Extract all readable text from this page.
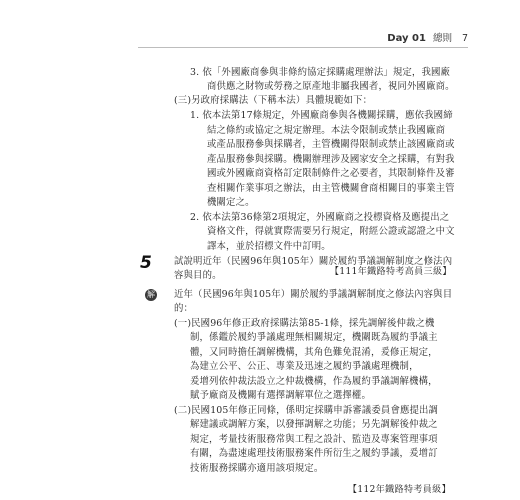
Day 01 總則 7
3. 依「外國廠商參與非條約協定採購處理辦法」規定，我國廠
商供應之財物或勞務之原產地非屬我國者，視同外國廠商。
(三)另政府採購法（下稱本法）具體規範如下：
1. 依本法第17條規定，外國廠商參與各機關採購，應依我國締
結之條約或協定之規定辦理。本法令限制或禁止我國廠商
或產品服務參與採購者，主管機關得限制或禁止該國廠商或
產品服務參與採購。機關辦理涉及國家安全之採購，有對我
國或外國廠商資格訂定限制條件之必要者，其限制條件及審
查相關作業事項之辦法，由主管機關會商相關目的事業主管
機關定之。
2. 依本法第36條第2項規定，外國廠商之投標資格及應提出之
資格文件，得就實際需要另行規定，附經公證或認證之中文
譯本，並於招標文件中訂明。
【111年鐵路特考高員三級】
5 試說明近年（民國96年與105年）關於履約爭議調解制度之修法內
容與目的。
解 近年（民國96年與105年）關於履約爭議調解制度之修法內容與目
的：
(一)民國96年修正政府採購法第85-1條，採先調解後仲裁之機
制，係鑑於履約爭議處理無相關規定，機關既為履約爭議主
體，又同時擔任調解機構，其角色難免混淆，爰修正規定，
為建立公平、公正、專業及迅速之履約爭議處理機制，
爰增列依仲裁法設立之仲裁機構，作為履約爭議調解機構，
賦予廠商及機關有選擇調解單位之選擇權。
(二)民國105年修正同條，係明定採購申訴審議委員會應提出調
解建議或調解方案，以發揮調解之功能；另先調解後仲裁之
規定，考量技術服務常與工程之設計、監造及專案管理事項
有關，為盡速處理技術服務案件所衍生之履約爭議，爰增訂
技術服務採購亦適用該項規定。
【112年鐵路特考員級】
